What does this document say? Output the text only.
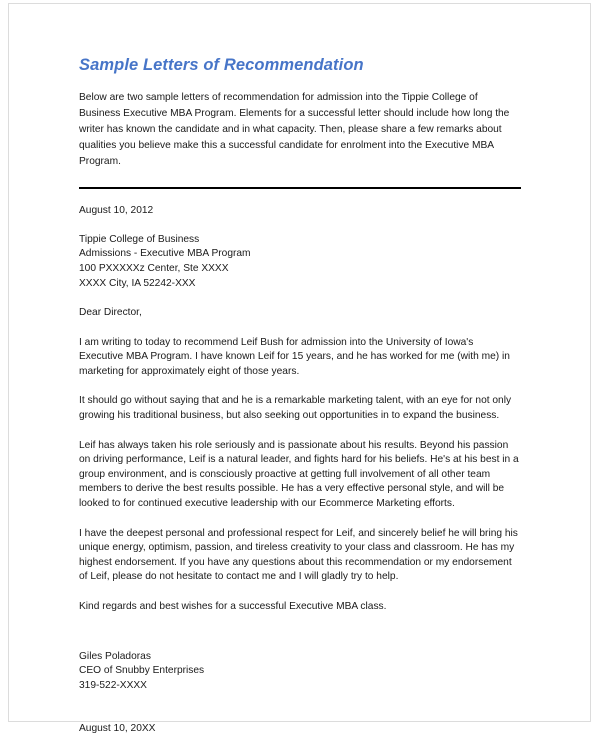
Sample Letters of Recommendation

Below are two sample letters of recommendation for admission into the Tippie College of Business Executive MBA Program. Elements for a successful letter should include how long the writer has known the candidate and in what capacity. Then, please share a few remarks about qualities you believe make this a successful candidate for enrolment into the Executive MBA Program.

August 10, 2012

Tippie College of Business
Admissions - Executive MBA Program
100 PXXXXXz Center, Ste XXXX
XXXX City, IA 52242-XXX

Dear Director,

I am writing to today to recommend Leif Bush for admission into the University of Iowa's Executive MBA Program. I have known Leif for 15 years, and he has worked for me (with me) in marketing for approximately eight of those years.

It should go without saying that and he is a remarkable marketing talent, with an eye for not only growing his traditional business, but also seeking out opportunities in to expand the business.

Leif has always taken his role seriously and is passionate about his results. Beyond his passion on driving performance, Leif is a natural leader, and fights hard for his beliefs. He's at his best in a group environment, and is consciously proactive at getting full involvement of all other team members to derive the best results possible. He has a very effective personal style, and will be looked to for continued executive leadership with our Ecommerce Marketing efforts.

I have the deepest personal and professional respect for Leif, and sincerely belief he will bring his unique energy, optimism, passion, and tireless creativity to your class and classroom. He has my highest endorsement. If you have any questions about this recommendation or my endorsement of Leif, please do not hesitate to contact me and I will gladly try to help.

Kind regards and best wishes for a successful Executive MBA class.

Giles Poladoras
CEO of Snubby Enterprises
319-522-XXXX

August 10, 20XX
